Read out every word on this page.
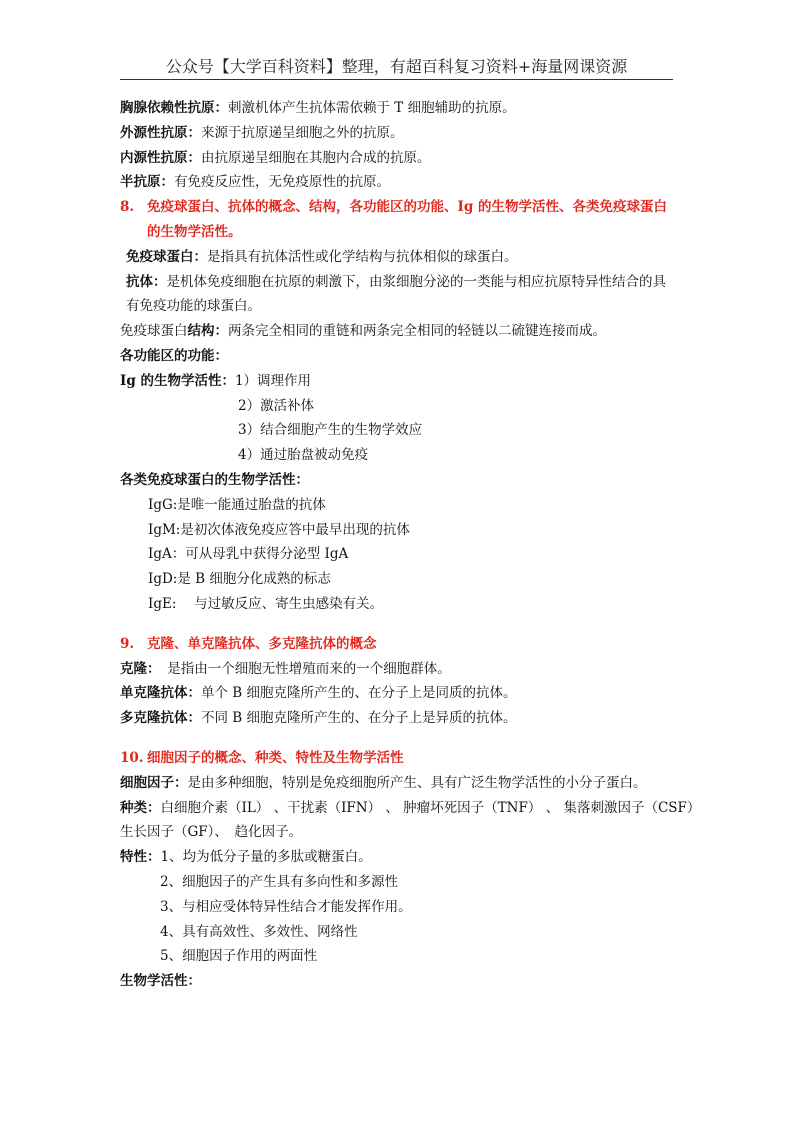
公众号【大学百科资料】整理，有超百科复习资料+海量网课资源

胸腺依赖性抗原：刺激机体产生抗体需依赖于 T 细胞辅助的抗原。

外源性抗原：来源于抗原递呈细胞之外的抗原。

内源性抗原：由抗原递呈细胞在其胞内合成的抗原。

半抗原：有免疫反应性，无免疫原性的抗原。

8. 免疫球蛋白、抗体的概念、结构，各功能区的功能、Ig 的生物学活性、各类免疫球蛋白的生物学活性。

免疫球蛋白：是指具有抗体活性或化学结构与抗体相似的球蛋白。

抗体：是机体免疫细胞在抗原的刺激下，由浆细胞分泌的一类能与相应抗原特异性结合的具有免疫功能的球蛋白。

免疫球蛋白结构：两条完全相同的重链和两条完全相同的轻链以二硫键连接而成。

各功能区的功能：

Ig 的生物学活性：1）调理作用

2）激活补体

3）结合细胞产生的生物学效应

4）通过胎盘被动免疫

各类免疫球蛋白的生物学活性：

IgG:是唯一能通过胎盘的抗体

IgM:是初次体液免疫应答中最早出现的抗体

IgA：可从母乳中获得分泌型 IgA

IgD:是 B 细胞分化成熟的标志

IgE:　 与过敏反应、寄生虫感染有关。

9. 克隆、单克隆抗体、多克隆抗体的概念

克隆：　是指由一个细胞无性增殖而来的一个细胞群体。

单克隆抗体：单个 B 细胞克隆所产生的、在分子上是同质的抗体。

多克隆抗体：不同 B 细胞克隆所产生的、在分子上是异质的抗体。

10. 细胞因子的概念、种类、特性及生物学活性

细胞因子：是由多种细胞，特别是免疫细胞所产生、具有广泛生物学活性的小分子蛋白。

种类：白细胞介素（IL） 、干扰素（IFN） 、 肿瘤坏死因子（TNF） 、 集落刺激因子（CSF）

生长因子（GF）、　趋化因子。

特性：1、均为低分子量的多肽或糖蛋白。

2、细胞因子的产生具有多向性和多源性

3、与相应受体特异性结合才能发挥作用。

4、具有高效性、多效性、网络性

5、细胞因子作用的两面性

生物学活性：
